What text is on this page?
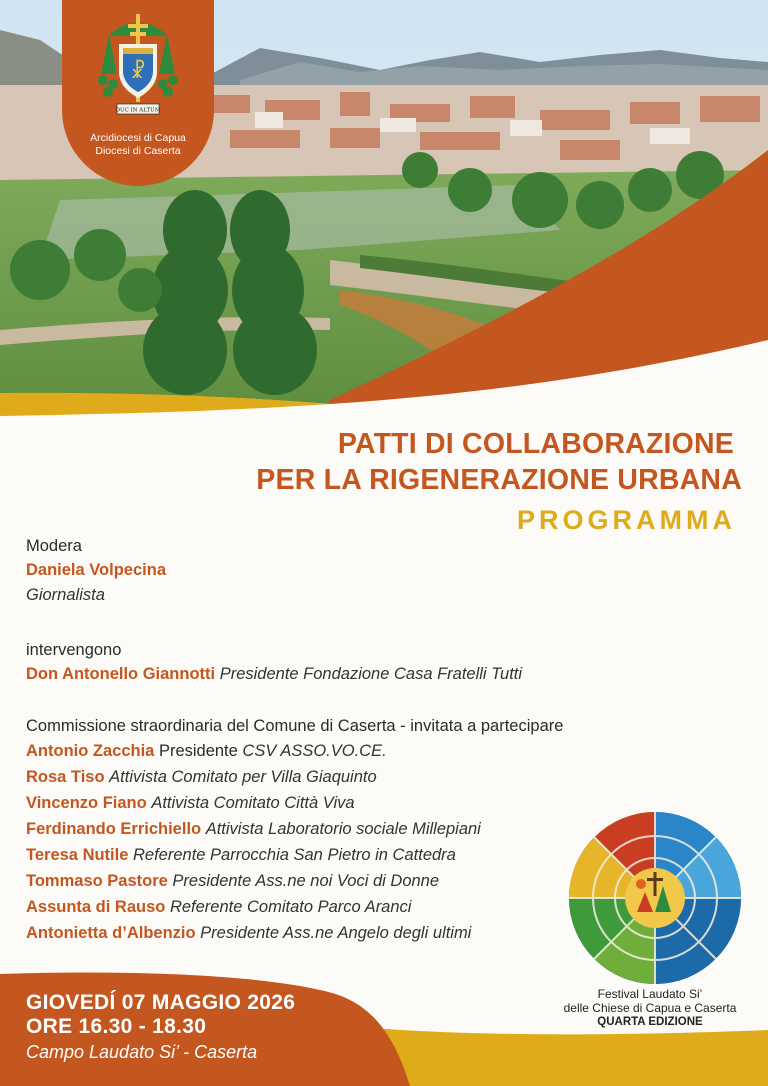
☧
DUC IN ALTUM
Arcidiocesi di Capua
Diocesi di Caserta
PATTI DI COLLABORAZIONE
PER LA RIGENERAZIONE URBANA
PROGRAMMA
Modera
Daniela Volpecina
Giornalista
intervengono
Don Antonello Giannotti Presidente Fondazione Casa Fratelli Tutti
Commissione straordinaria del Comune di Caserta - invitata a partecipare
Antonio Zacchia Presidente CSV ASSO.VO.CE.
Rosa Tiso Attivista Comitato per Villa Giaquinto
Vincenzo Fiano Attivista Comitato Città Viva
Ferdinando Errichiello Attivista Laboratorio sociale Millepiani
Teresa Nutile Referente Parrocchia San Pietro in Cattedra
Tommaso Pastore Presidente Ass.ne noi Voci di Donne
Assunta di Rauso Referente Comitato Parco Aranci
Antonietta d’Albenzio Presidente Ass.ne Angelo degli ultimi
GIOVEDÍ 07 MAGGIO 2026
ORE 16.30 - 18.30
Campo Laudato Si’ - Caserta
Festival Laudato Si’
delle Chiese di Capua e Caserta
QUARTA EDIZIONE
